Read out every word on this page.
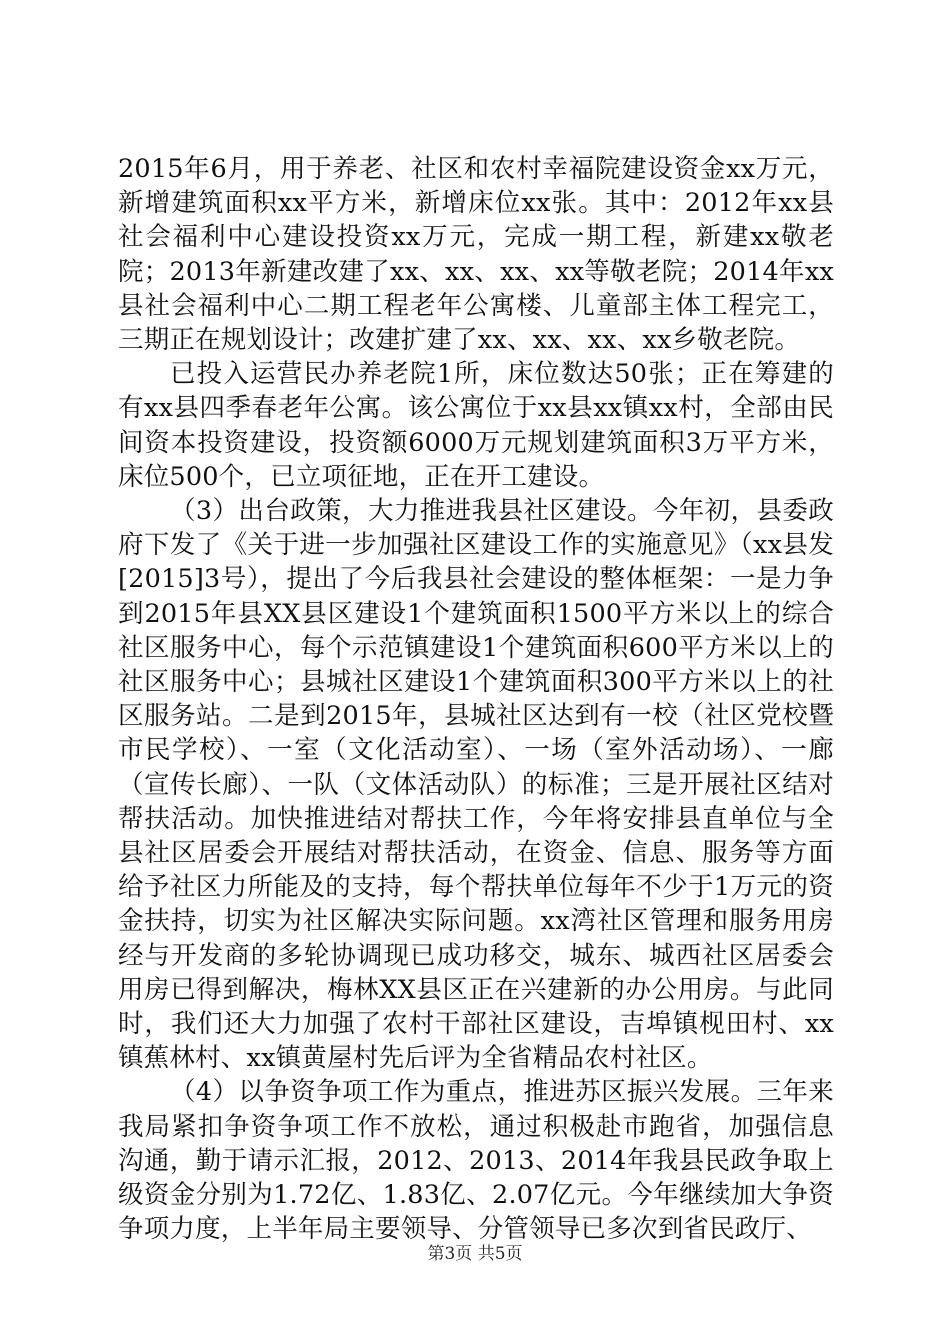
2015年6月，用于养老、社区和农村幸福院建设资金xx万元，新增建筑面积xx平方米，新增床位xx张。其中：2012年xx县社会福利中心建设投资xx万元，完成一期工程，新建xx敬老院；2013年新建改建了xx、xx、xx、xx等敬老院；2014年xx县社会福利中心二期工程老年公寓楼、儿童部主体工程完工，三期正在规划设计；改建扩建了xx、xx、xx、xx乡敬老院。

已投入运营民办养老院1所，床位数达50张；正在筹建的有xx县四季春老年公寓。该公寓位于xx县xx镇xx村，全部由民间资本投资建设，投资额6000万元规划建筑面积3万平方米，床位500个，已立项征地，正在开工建设。

（3）出台政策，大力推进我县社区建设。今年初，县委政府下发了《关于进一步加强社区建设工作的实施意见》（xx县发[2015]3号），提出了今后我县社会建设的整体框架：一是力争到2015年县XX县区建设1个建筑面积1500平方米以上的综合社区服务中心，每个示范镇建设1个建筑面积600平方米以上的社区服务中心；县城社区建设1个建筑面积300平方米以上的社区服务站。二是到2015年，县城社区达到有一校（社区党校暨市民学校）、一室（文化活动室）、一场（室外活动场）、一廊（宣传长廊）、一队（文体活动队）的标准；三是开展社区结对帮扶活动。加快推进结对帮扶工作，今年将安排县直单位与全县社区居委会开展结对帮扶活动，在资金、信息、服务等方面给予社区力所能及的支持，每个帮扶单位每年不少于1万元的资金扶持，切实为社区解决实际问题。xx湾社区管理和服务用房经与开发商的多轮协调现已成功移交，城东、城西社区居委会用房已得到解决，梅林XX县区正在兴建新的办公用房。与此同时，我们还大力加强了农村干部社区建设，吉埠镇枧田村、xx镇蕉林村、xx镇黄屋村先后评为全省精品农村社区。

（4）以争资争项工作为重点，推进苏区振兴发展。三年来我局紧扣争资争项工作不放松，通过积极赴市跑省，加强信息沟通，勤于请示汇报，2012、2013、2014年我县民政争取上级资金分别为1.72亿、1.83亿、2.07亿元。今年继续加大争资争项力度，上半年局主要领导、分管领导已多次到省民政厅、

第3页 共5页
